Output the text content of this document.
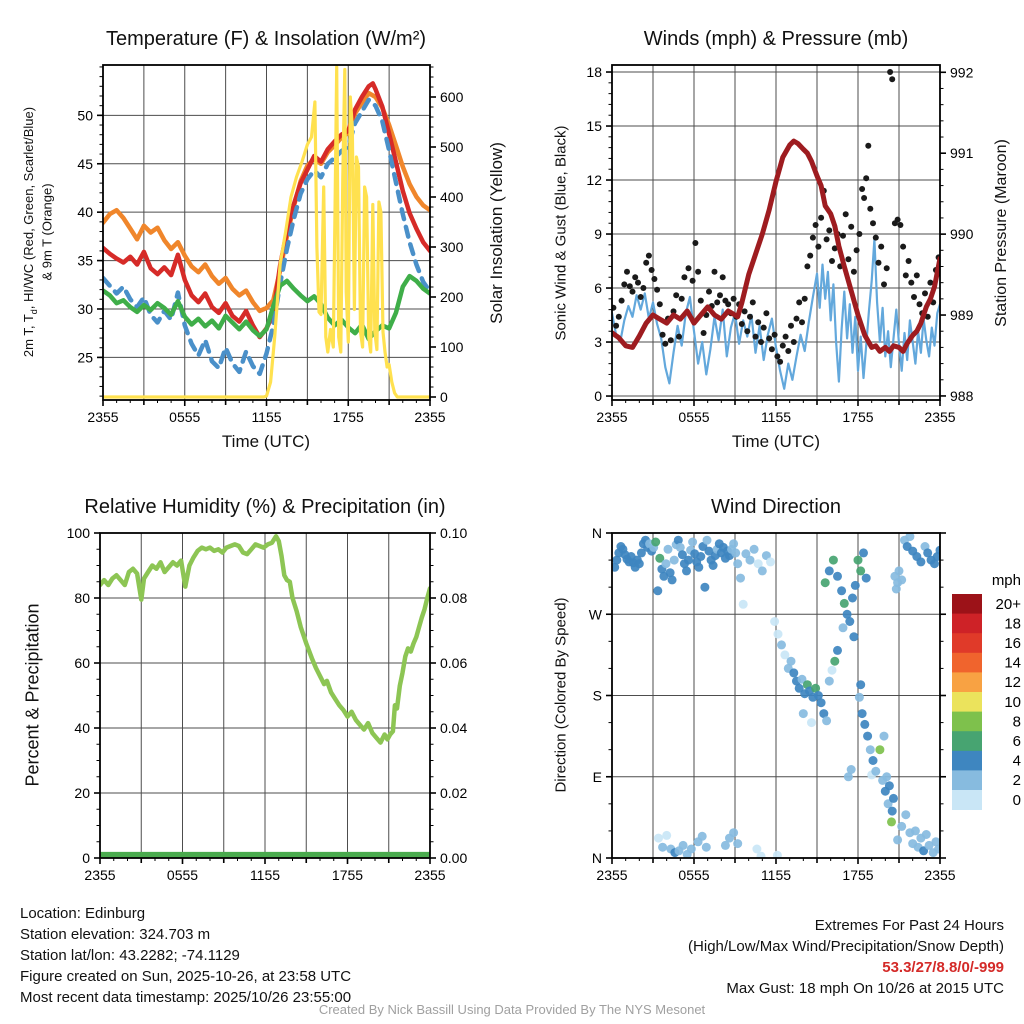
25
30
35
40
45
50
0
100
200
300
400
500
600
2355	0555	1155	1755	2355
0
3
6
9
12
15
18
988
989
990
991
992
2355	0555	1155	1755	2355
0
20
40
60
80
100
0.00
0.02
0.04
0.06
0.08
0.10
2355	0555	1155	1755	2355
N
E
S
W
N
2355	0555	1155	1755	2355
mph
20+
18
16
14
12
10
8
6
4
2
0
Temperature (F) & Insolation (W/m²)	Winds (mph) & Pressure (mb)
Relative Humidity (%) & Precipitation (in)	Wind Direction
Time (UTC)	Time (UTC)
2m T, $T_d$, HI/WC (Red, Green, Scarlet/Blue) & 9m T (Orange)	Solar Insolation (Yellow)	Sonic Wind & Gust (Blue, Black)	Station Pressure (Maroon)
Percent & Precipitation	Direction (Colored By Speed)
Location: Edinburg
Station elevation: 324.703 m
Station lat/lon: 43.2282; -74.1129
Figure created on Sun, 2025-10-26, at 23:58 UTC
Most recent data timestamp: 2025/10/26 23:55:00
Extremes For Past 24 Hours
(High/Low/Max Wind/Precipitation/Snow Depth)
53.3/27/8.8/0/-999
Max Gust: 18 mph On 10/26 at 2015 UTC
Created By Nick Bassill Using Data Provided By The NYS Mesonet
